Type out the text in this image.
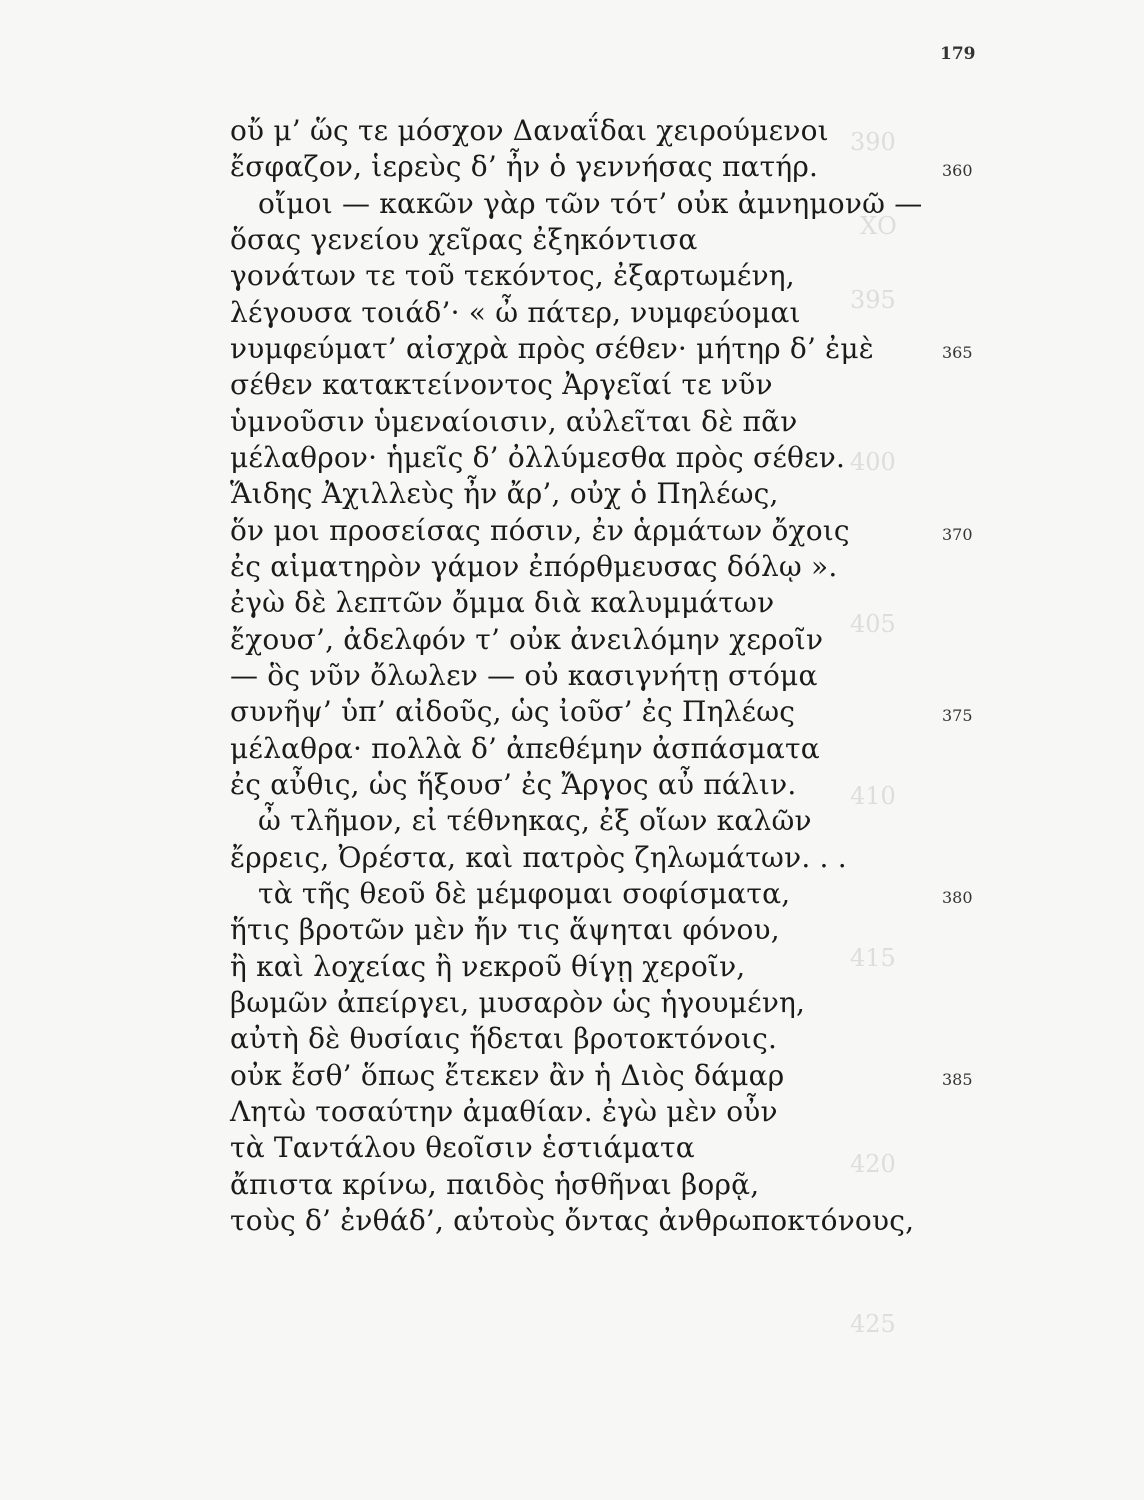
390
ΧΟ
395
400
405
410
415
420
425
179
οὔ μ’ ὥς τε μόσχον Δαναΐδαι χειρούμενοι
ἔσφαζον, ἱερεὺς δ’ ἦν ὁ γεννήσας πατήρ.	360
οἴμοι — κακῶν γὰρ τῶν τότ’ οὐκ ἀμνημονῶ —
ὅσας γενείου χεῖρας ἐξηκόντισα
γονάτων τε τοῦ τεκόντος, ἐξαρτωμένη,
λέγουσα τοιάδ’· « ὦ πάτερ, νυμφεύομαι
νυμφεύματ’ αἰσχρὰ πρὸς σέθεν· μήτηρ δ’ ἐμὲ	365
σέθεν κατακτείνοντος Ἀργεῖαί τε νῦν
ὑμνοῦσιν ὑμεναίοισιν, αὐλεῖται δὲ πᾶν
μέλαθρον· ἡμεῖς δ’ ὀλλύμεσθα πρὸς σέθεν.
Ἅιδης Ἀχιλλεὺς ἦν ἄρ’, οὐχ ὁ Πηλέως,
ὅν μοι προσείσας πόσιν, ἐν ἁρμάτων ὄχοις	370
ἐς αἱματηρὸν γάμον ἐπόρθμευσας δόλῳ ».
ἐγὼ δὲ λεπτῶν ὄμμα διὰ καλυμμάτων
ἔχουσ’, ἀδελφόν τ’ οὐκ ἀνειλόμην χεροῖν
— ὃς νῦν ὄλωλεν — οὐ κασιγνήτῃ στόμα
συνῆψ’ ὑπ’ αἰδοῦς, ὡς ἰοῦσ’ ἐς Πηλέως	375
μέλαθρα· πολλὰ δ’ ἀπεθέμην ἀσπάσματα
ἐς αὖθις, ὡς ἥξουσ’ ἐς Ἄργος αὖ πάλιν.
ὦ τλῆμον, εἰ τέθνηκας, ἐξ οἵων καλῶν
ἔρρεις, Ὀρέστα, καὶ πατρὸς ζηλωμάτων. . .
τὰ τῆς θεοῦ δὲ μέμφομαι σοφίσματα,	380
ἥτις βροτῶν μὲν ἤν τις ἅψηται φόνου,
ἢ καὶ λοχείας ἢ νεκροῦ θίγῃ χεροῖν,
βωμῶν ἀπείργει, μυσαρὸν ὡς ἡγουμένη,
αὐτὴ δὲ θυσίαις ἥδεται βροτοκτόνοις.
οὐκ ἔσθ’ ὅπως ἔτεκεν ἂν ἡ Διὸς δάμαρ	385
Λητὼ τοσαύτην ἀμαθίαν. ἐγὼ μὲν οὖν
τὰ Ταντάλου θεοῖσιν ἑστιάματα
ἄπιστα κρίνω, παιδὸς ἡσθῆναι βορᾷ,
τοὺς δ’ ἐνθάδ’, αὐτοὺς ὄντας ἀνθρωποκτόνους,
